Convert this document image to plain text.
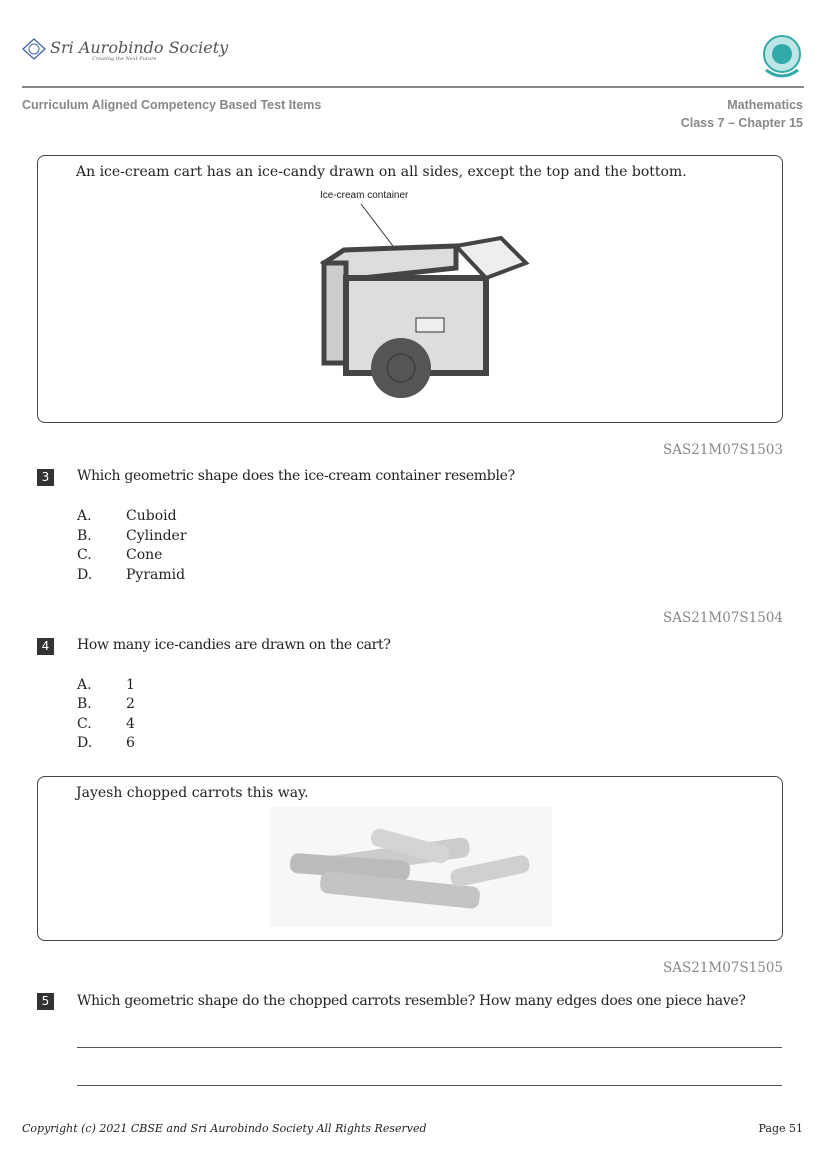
Sri Aurobindo Society
Creating the Next Future
Curriculum Aligned Competency Based Test Items	Mathematics
Class 7 – Chapter 15
An ice-cream cart has an ice-candy drawn on all sides, except the top and the bottom.
Ice-cream container
SAS21M07S1503
3	Which geometric shape does the ice-cream container resemble?
A. Cuboid
B. Cylinder
C. Cone
D. Pyramid
SAS21M07S1504
4	How many ice-candies are drawn on the cart?
A. 1
B. 2
C. 4
D. 6
Jayesh chopped carrots this way.
SAS21M07S1505
5	Which geometric shape do the chopped carrots resemble? How many edges does one piece have?
Copyright (c) 2021 CBSE and Sri Aurobindo Society All Rights Reserved	Page 51
